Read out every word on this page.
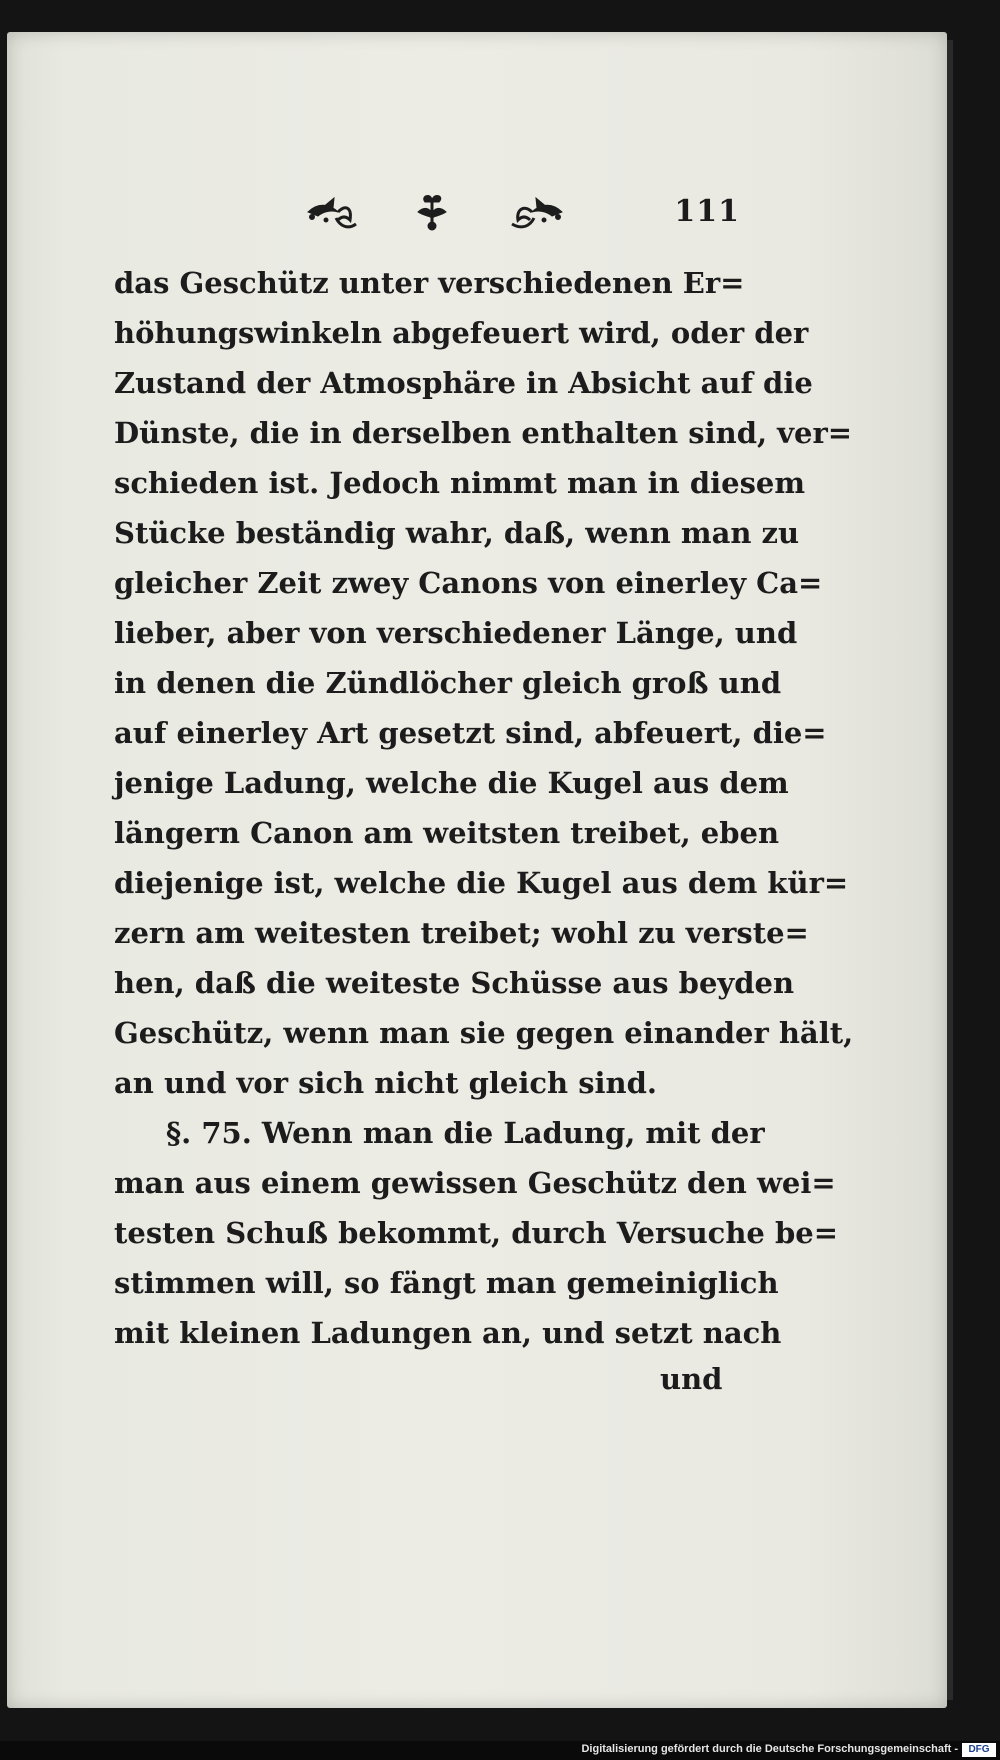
111
das Geschütz unter verschiedenen Er=
höhungswinkeln abgefeuert wird, oder der
Zustand der Atmosphäre in Absicht auf die
Dünste, die in derselben enthalten sind, ver=
schieden ist. Jedoch nimmt man in diesem
Stücke beständig wahr, daß, wenn man zu
gleicher Zeit zwey Canons von einerley Ca=
lieber, aber von verschiedener Länge, und
in denen die Zündlöcher gleich groß und
auf einerley Art gesetzt sind, abfeuert, die=
jenige Ladung, welche die Kugel aus dem
längern Canon am weitsten treibet, eben
diejenige ist, welche die Kugel aus dem kür=
zern am weitesten treibet; wohl zu verste=
hen, daß die weiteste Schüsse aus beyden
Geschütz, wenn man sie gegen einander hält,
an und vor sich nicht gleich sind.
§. 75. Wenn man die Ladung, mit der
man aus einem gewissen Geschütz den wei=
testen Schuß bekommt, durch Versuche be=
stimmen will, so fängt man gemeiniglich
mit kleinen Ladungen an, und setzt nach
und
Digitalisierung gefördert durch die Deutsche Forschungsgemeinschaft -	DFG
